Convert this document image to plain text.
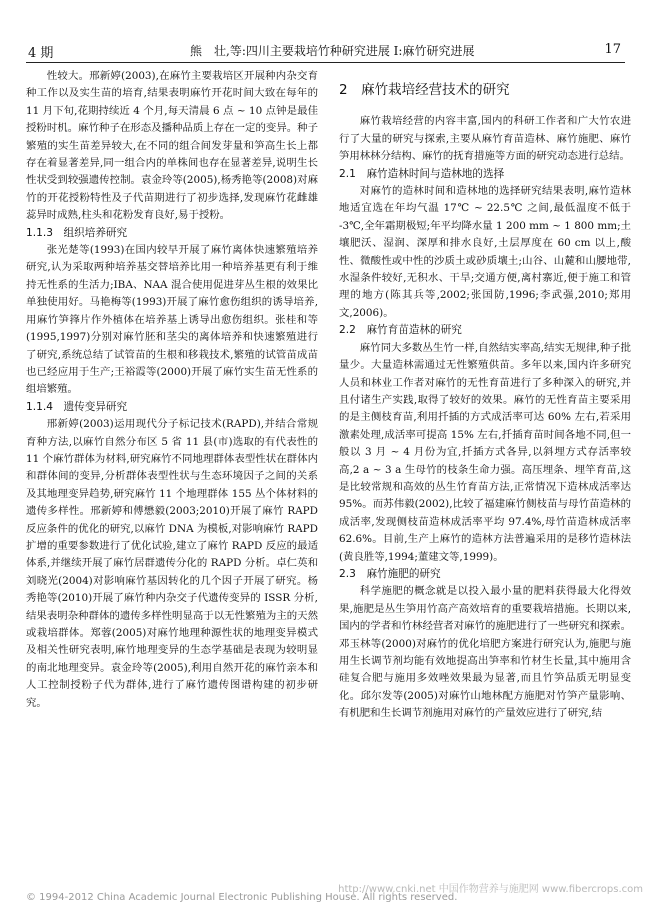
4 期	熊　壮,等:四川主要栽培竹种研究进展 Ⅰ:麻竹研究进展	17

性较大。邢新婷(2003),在麻竹主要栽培区开展种内杂交育种工作以及实生苗的培育,结果表明麻竹开花时间大致在每年的 11 月下旬,花期持续近 4 个月,每天清晨 6 点 ~ 10 点钟是最佳授粉时机。麻竹种子在形态及播种品质上存在一定的变异。种子繁殖的实生苗差异较大,在不同的组合间发芽量和笋高生长上都存在着显著差异,同一组合内的单株间也存在显著差异,说明生长性状受到较强遗传控制。袁金玲等(2005),杨秀艳等(2008)对麻竹的开花授粉特性及子代苗期进行了初步选择,发现麻竹花雌雄蕊异时成熟,柱头和花粉发育良好,易于授粉。

1.1.3　组织培养研究

张光楚等(1993)在国内较早开展了麻竹离体快速繁殖培养研究,认为采取两种培养基交替培养比用一种培养基更有利于维持无性系的生活力;IBA、NAA 混合使用促进芽丛生根的效果比单独使用好。马艳梅等(1993)开展了麻竹愈伤组织的诱导培养,用麻竹笋箨片作外植体在培养基上诱导出愈伤组织。张桂和等(1995,1997)分别对麻竹胚和茎尖的离体培养和快速繁殖进行了研究,系统总结了试管苗的生根和移栽技术,繁殖的试管苗成苗也已经应用于生产;王裕霞等(2000)开展了麻竹实生苗无性系的组培繁殖。

1.1.4　遗传变异研究

邢新婷(2003)运用现代分子标记技术(RAPD),并结合常规育种方法,以麻竹自然分布区 5 省 11 县(市)选取的有代表性的 11 个麻竹群体为材料,研究麻竹不同地理群体表型性状在群体内和群体间的变异,分析群体表型性状与生态环境因子之间的关系及其地理变异趋势,研究麻竹 11 个地理群体 155 丛个体材料的遗传多样性。邢新婷和傅懋毅(2003;2010)开展了麻竹 RAPD 反应条件的优化的研究,以麻竹 DNA 为模板,对影响麻竹 RAPD 扩增的重要参数进行了优化试验,建立了麻竹 RAPD 反应的最适体系,并继续开展了麻竹居群遗传分化的 RAPD 分析。卓仁英和刘晓光(2004)对影响麻竹基因转化的几个因子开展了研究。杨秀艳等(2010)开展了麻竹种内杂交子代遗传变异的 ISSR 分析,结果表明杂种群体的遗传多样性明显高于以无性繁殖为主的天然或栽培群体。郑蓉(2005)对麻竹地理种源性状的地理变异模式及相关性研究表明,麻竹地理变异的生态学基础是表现为较明显的南北地理变异。袁金玲等(2005),利用自然开花的麻竹亲本和人工控制授粉子代为群体,进行了麻竹遗传图谱构建的初步研究。

2　麻竹栽培经营技术的研究

麻竹栽培经营的内容丰富,国内的科研工作者和广大竹农进行了大量的研究与探索,主要从麻竹育苗造林、麻竹施肥、麻竹笋用林林分结构、麻竹的抚育措施等方面的研究动态进行总结。

2.1　麻竹造林时间与造林地的选择

对麻竹的造林时间和造林地的选择研究结果表明,麻竹造林地适宜选在年均气温 17℃ ~ 22.5℃ 之间,最低温度不低于 -3℃,全年霜期极短;年平均降水量 1 200 mm ~ 1 800 mm;土壤肥沃、湿润、深厚和排水良好,土层厚度在 60 cm 以上,酸性、微酸性或中性的沙质土或砂质壤土;山谷、山麓和山腰地带,水湿条件较好,无积水、干旱;交通方便,离村寨近,便于施工和管理的地方(陈其兵等,2002;张国防,1996;李武强,2010;郑用文,2006)。

2.2　麻竹育苗造林的研究

麻竹同大多数丛生竹一样,自然结实率高,结实无规律,种子批量少。大量造林需通过无性繁殖供苗。多年以来,国内许多研究人员和林业工作者对麻竹的无性育苗进行了多种深入的研究,并且付诸生产实践,取得了较好的效果。麻竹的无性育苗主要采用的是主侧枝育苗,利用扦插的方式成活率可达 60% 左右,若采用激素处理,成活率可提高 15% 左右,扦插育苗时间各地不同,但一般以 3 月 ~ 4 月份为宜,扦插方式各异,以斜埋方式存活率较高,2 a ~ 3 a 生母竹的枝条生命力强。高压埋条、埋竿育苗,这是比较常规和高效的丛生竹育苗方法,正常情况下造林成活率达 95%。而苏伟毅(2002),比较了福建麻竹侧枝苗与母竹苗造林的成活率,发现侧枝苗造林成活率平均 97.4%,母竹苗造林成活率 62.6%。目前,生产上麻竹的造林方法普遍采用的是移竹造林法(黄良胜等,1994;董建文等,1999)。

2.3　麻竹施肥的研究

科学施肥的概念就是以投入最小量的肥料获得最大化得效果,施肥是丛生笋用竹高产高效培育的重要栽培措施。长期以来,国内的学者和竹林经营者对麻竹的施肥进行了一些研究和探索。邓玉林等(2000)对麻竹的优化培肥方案进行研究认为,施肥与施用生长调节剂均能有效地提高出笋率和竹材生长量,其中施用含硅复合肥与施用多效唑效果最为显著,而且竹笋品质无明显变化。邱尔发等(2005)对麻竹山地林配方施肥对竹笋产量影响、有机肥和生长调节剂施用对麻竹的产量效应进行了研究,结

© 1994-2012 China Academic Journal Electronic Publishing House. All rights reserved.
http://www.cnki.net 中国作物营养与施肥网 www.fibercrops.com
